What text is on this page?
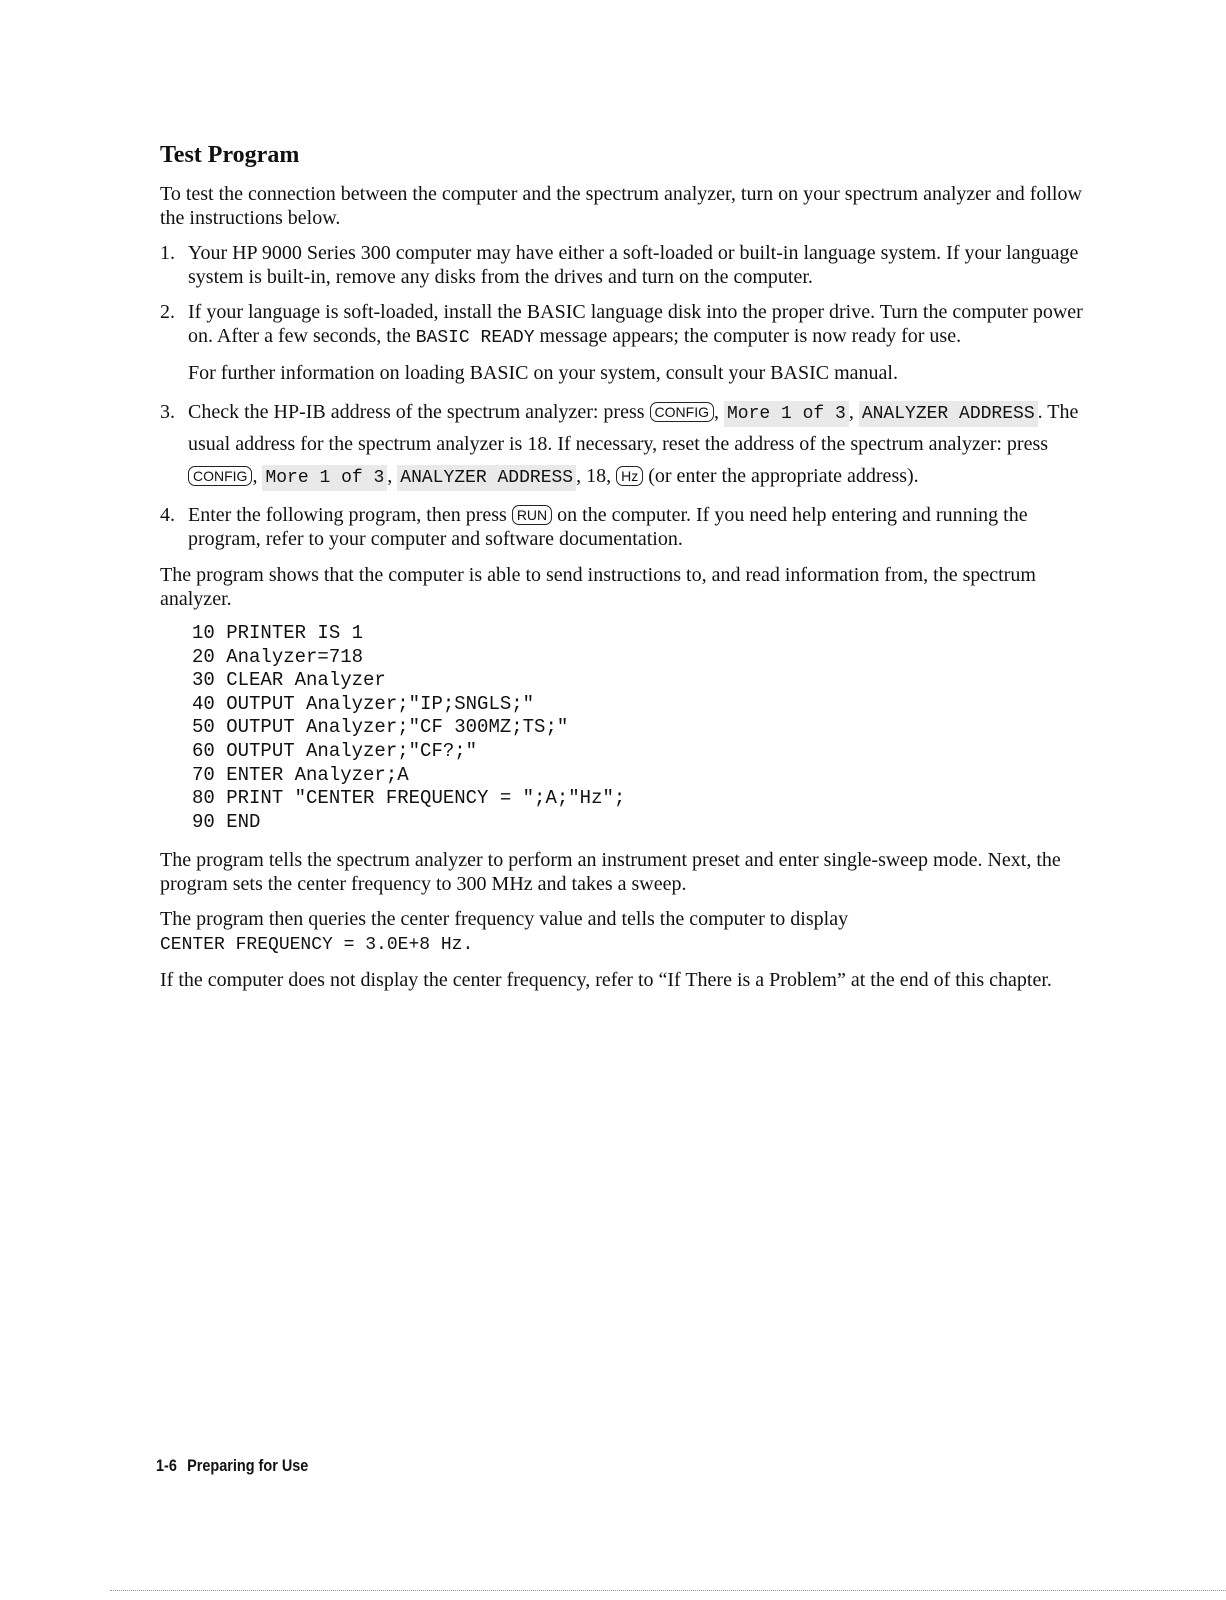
Test Program

To test the connection between the computer and the spectrum analyzer, turn on your spectrum analyzer and follow the instructions below.

1. Your HP 9000 Series 300 computer may have either a soft-loaded or built-in language system. If your language system is built-in, remove any disks from the drives and turn on the computer.
2. If your language is soft-loaded, install the BASIC language disk into the proper drive. Turn the computer power on. After a few seconds, the BASIC READY message appears; the computer is now ready for use.
For further information on loading BASIC on your system, consult your BASIC manual.
3. Check the HP-IB address of the spectrum analyzer: press CONFIG , More 1 of 3 , ANALYZER ADDRESS . The usual address for the spectrum analyzer is 18. If necessary, reset the address of the spectrum analyzer: press CONFIG , More 1 of 3 , ANALYZER ADDRESS , 18, Hz (or enter the appropriate address).
4. Enter the following program, then press RUN on the computer. If you need help entering and running the program, refer to your computer and software documentation.

The program shows that the computer is able to send instructions to, and read information from, the spectrum analyzer.

10 PRINTER IS 1
20 Analyzer=718
30 CLEAR Analyzer
40 OUTPUT Analyzer;"IP;SNGLS;"
50 OUTPUT Analyzer;"CF 300MZ;TS;"
60 OUTPUT Analyzer;"CF?;"
70 ENTER Analyzer;A
80 PRINT "CENTER FREQUENCY = ";A;"Hz";
90 END

The program tells the spectrum analyzer to perform an instrument preset and enter single-sweep mode. Next, the program sets the center frequency to 300 MHz and takes a sweep.

The program then queries the center frequency value and tells the computer to display
CENTER FREQUENCY = 3.0E+8 Hz.

If the computer does not display the center frequency, refer to “If There is a Problem” at the end of this chapter.

1-6 Preparing for Use
